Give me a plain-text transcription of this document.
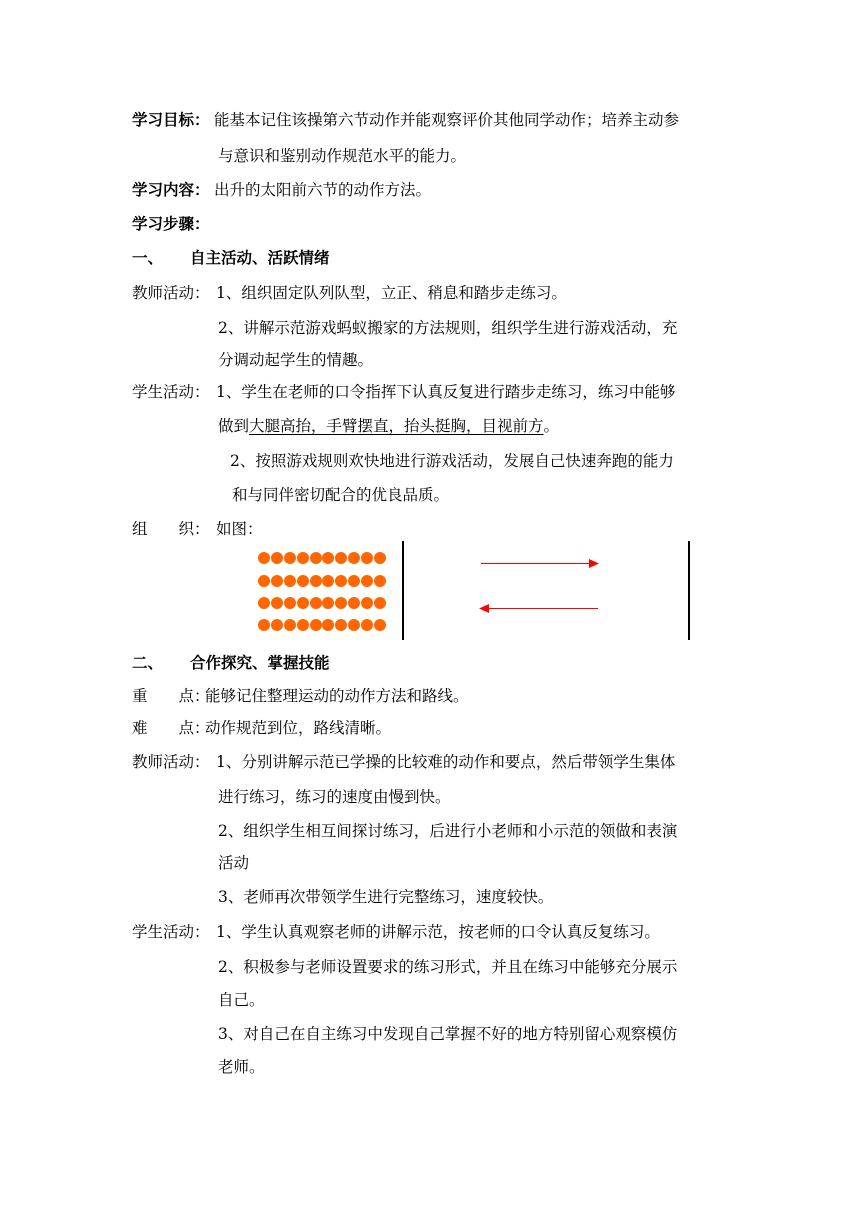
学习目标： 能基本记住该操第六节动作并能观察评价其他同学动作；培养主动参
与意识和鉴别动作规范水平的能力。
学习内容： 出升的太阳前六节的动作方法。
学习步骤：
一、 自主活动、活跃情绪
教师活动： 1、组织固定队列队型，立正、稍息和踏步走练习。
2、讲解示范游戏蚂蚁搬家的方法规则，组织学生进行游戏活动，充
分调动起学生的情趣。
学生活动： 1、学生在老师的口令指挥下认真反复进行踏步走练习，练习中能够
做到大腿高抬，手臂摆直，抬头挺胸，目视前方。
2、按照游戏规则欢快地进行游戏活动，发展自己快速奔跑的能力
和与同伴密切配合的优良品质。
组　　织： 如图：
二、 合作探究、掌握技能
重　　点：
能够记住整理运动的动作方法和路线。
难　　点：
动作规范到位，路线清晰。
教师活动： 1、分别讲解示范已学操的比较难的动作和要点，然后带领学生集体
进行练习，练习的速度由慢到快。
2、组织学生相互间探讨练习，后进行小老师和小示范的领做和表演
活动
3、老师再次带领学生进行完整练习，速度较快。
学生活动： 1、学生认真观察老师的讲解示范，按老师的口令认真反复练习。
2、积极参与老师设置要求的练习形式，并且在练习中能够充分展示
自己。
3、对自己在自主练习中发现自己掌握不好的地方特别留心观察模仿
老师。
